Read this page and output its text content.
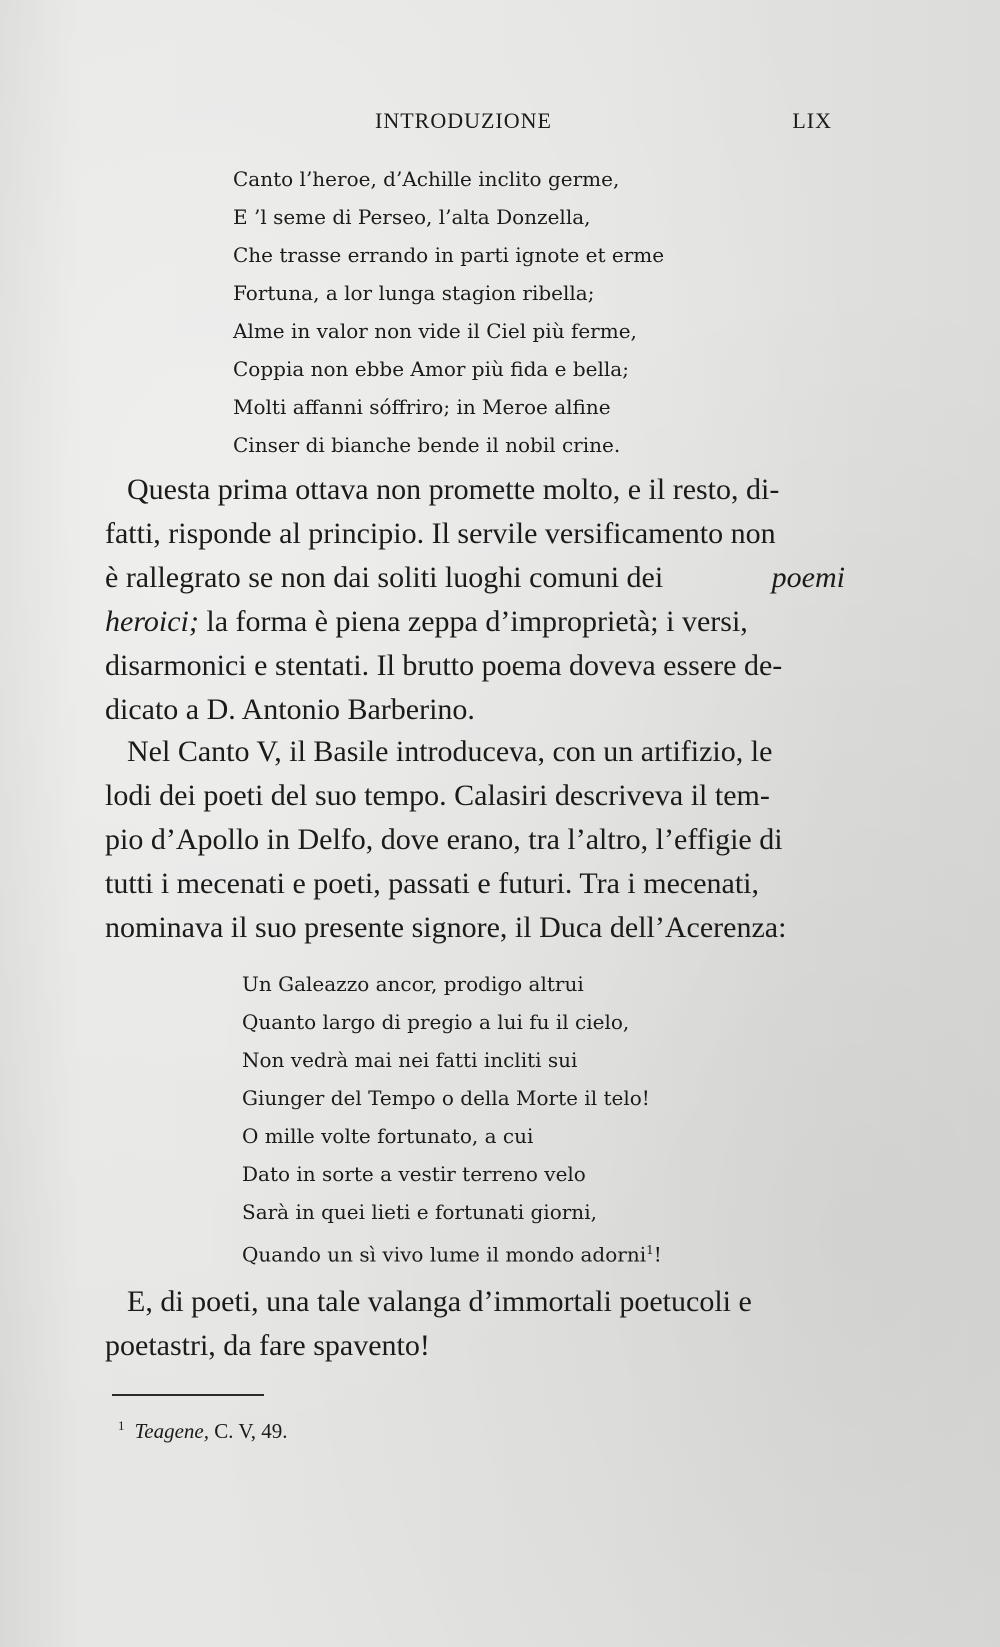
INTRODUZIONE	LIX
Canto l’heroe, d’Achille inclito germe,
E ’l seme di Perseo, l’alta Donzella,
Che trasse errando in parti ignote et erme
Fortuna, a lor lunga stagion ribella;
Alme in valor non vide il Ciel più ferme,
Coppia non ebbe Amor più fida e bella;
Molti affanni sóffriro; in Meroe alfine
Cinser di bianche bende il nobil crine.
Questa prima ottava non promette molto, e il resto, di-
fatti, risponde al principio. Il servile versificamento non
è rallegrato se non dai soliti luoghi comuni dei	poemi
heroici; la forma è piena zeppa d’improprietà; i versi,
disarmonici e stentati. Il brutto poema doveva essere de-
dicato a D. Antonio Barberino.
Nel Canto V, il Basile introduceva, con un artifizio, le
lodi dei poeti del suo tempo. Calasiri descriveva il tem-
pio d’Apollo in Delfo, dove erano, tra l’altro, l’effigie di
tutti i mecenati e poeti, passati e futuri. Tra i mecenati,
nominava il suo presente signore, il Duca dell’Acerenza:
Un Galeazzo ancor, prodigo altrui
Quanto largo di pregio a lui fu il cielo,
Non vedrà mai nei fatti incliti sui
Giunger del Tempo o della Morte il telo!
O mille volte fortunato, a cui
Dato in sorte a vestir terreno velo
Sarà in quei lieti e fortunati giorni,
Quando un sì vivo lume il mondo adorni$^1$!
E, di poeti, una tale valanga d’immortali poetucoli e
poetastri, da fare spavento!
$^1$ Teagene, C. V, 49.
